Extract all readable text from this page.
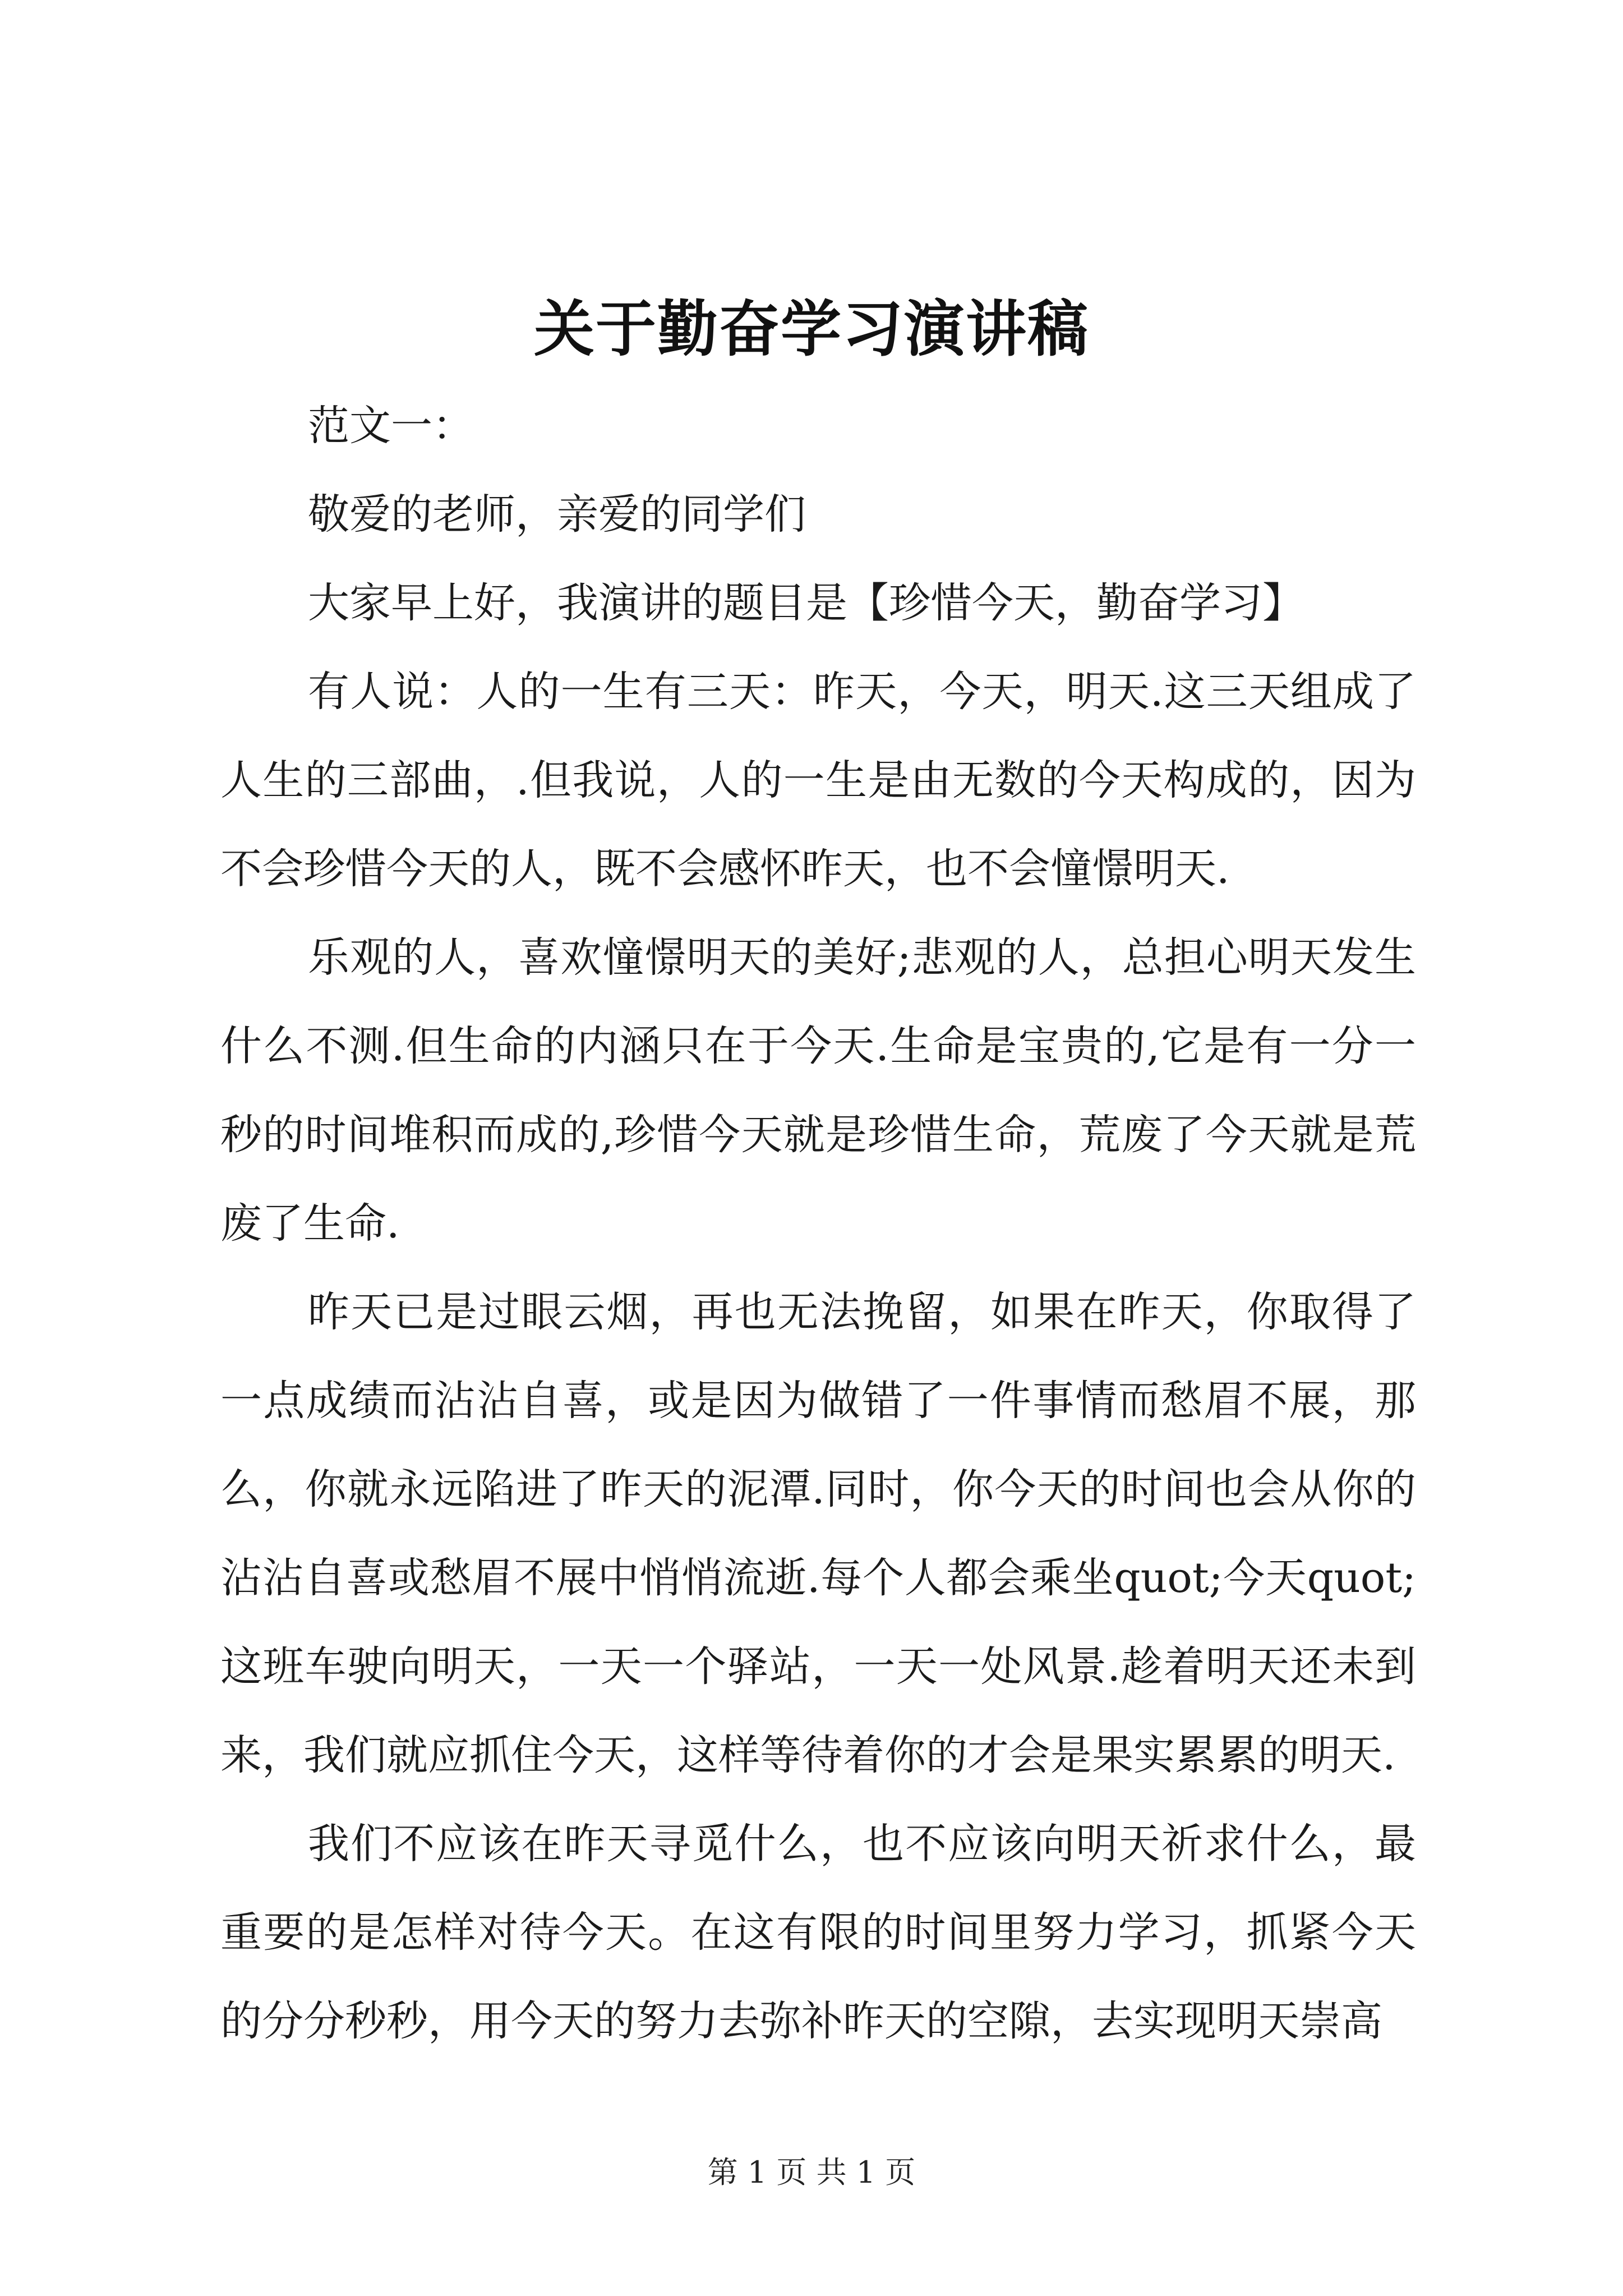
关于勤奋学习演讲稿

范文一：

敬爱的老师，亲爱的同学们

大家早上好，我演讲的题目是【珍惜今天，勤奋学习】

有人说：人的一生有三天：昨天，今天，明天.这三天组成了人生的三部曲，.但我说，人的一生是由无数的今天构成的，因为不会珍惜今天的人，既不会感怀昨天，也不会憧憬明天.

乐观的人，喜欢憧憬明天的美好;悲观的人，总担心明天发生什么不测.但生命的内涵只在于今天.生命是宝贵的,它是有一分一秒的时间堆积而成的,珍惜今天就是珍惜生命，荒废了今天就是荒废了生命.

昨天已是过眼云烟，再也无法挽留，如果在昨天，你取得了一点成绩而沾沾自喜，或是因为做错了一件事情而愁眉不展，那么，你就永远陷进了昨天的泥潭.同时，你今天的时间也会从你的沾沾自喜或愁眉不展中悄悄流逝.每个人都会乘坐quot;今天quot;这班车驶向明天，一天一个驿站，一天一处风景.趁着明天还未到来，我们就应抓住今天，这样等待着你的才会是果实累累的明天.

我们不应该在昨天寻觅什么，也不应该向明天祈求什么，最重要的是怎样对待今天。在这有限的时间里努力学习，抓紧今天的分分秒秒，用今天的努力去弥补昨天的空隙，去实现明天崇高

第 1 页 共 1 页
